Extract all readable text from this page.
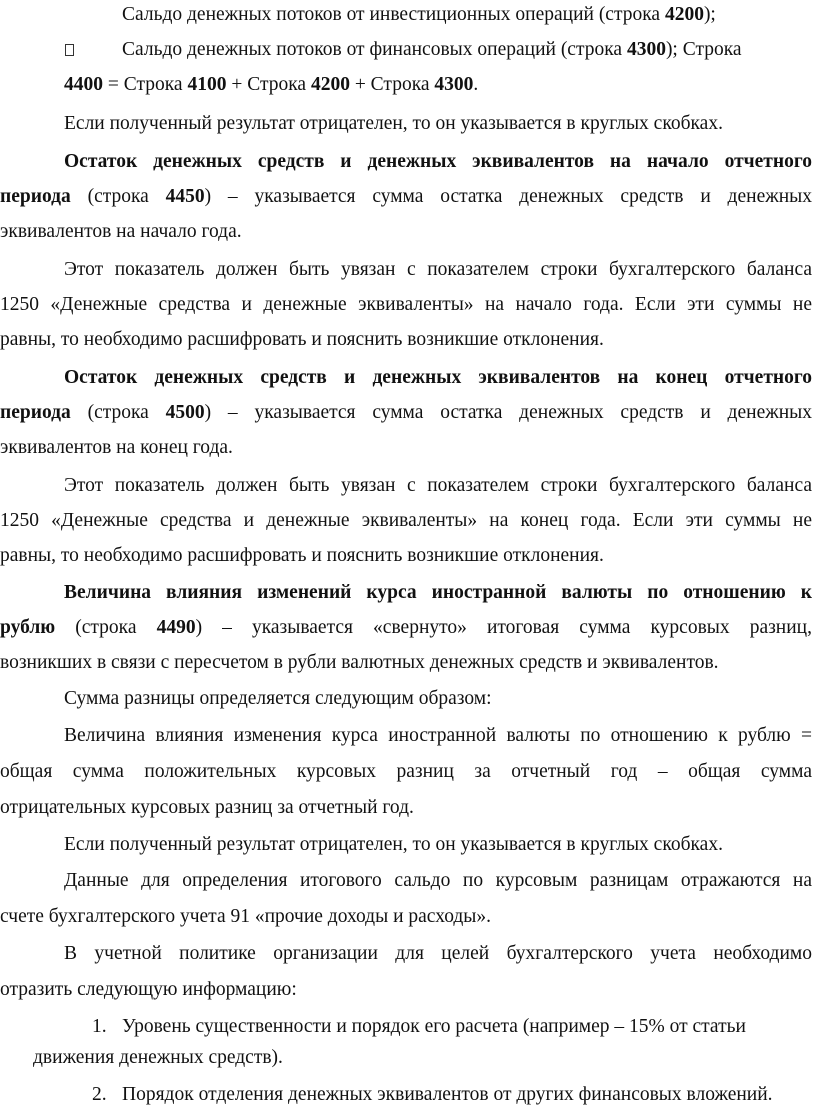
Сальдо денежных потоков от инвестиционных операций (строка 4200);
Сальдо денежных потоков от финансовых операций (строка 4300); Строка
4400 = Строка 4100 + Строка 4200 + Строка 4300.
Если полученный результат отрицателен, то он указывается в круглых скобках.
Остаток денежных средств и денежных эквивалентов на начало отчетного
периода (строка 4450) – указывается сумма остатка денежных средств и денежных
эквивалентов на начало года.
Этот показатель должен быть увязан с показателем строки бухгалтерского баланса
1250 «Денежные средства и денежные эквиваленты» на начало года. Если эти суммы не
равны, то необходимо расшифровать и пояснить возникшие отклонения.
Остаток денежных средств и денежных эквивалентов на конец отчетного
периода (строка 4500) – указывается сумма остатка денежных средств и денежных
эквивалентов на конец года.
Этот показатель должен быть увязан с показателем строки бухгалтерского баланса
1250 «Денежные средства и денежные эквиваленты» на конец года. Если эти суммы не
равны, то необходимо расшифровать и пояснить возникшие отклонения.
Величина влияния изменений курса иностранной валюты по отношению к
рублю (строка 4490) – указывается «свернуто» итоговая сумма курсовых разниц,
возникших в связи с пересчетом в рубли валютных денежных средств и эквивалентов.
Сумма разницы определяется следующим образом:
Величина влияния изменения курса иностранной валюты по отношению к рублю =
общая сумма положительных курсовых разниц за отчетный год – общая сумма
отрицательных курсовых разниц за отчетный год.
Если полученный результат отрицателен, то он указывается в круглых скобках.
Данные для определения итогового сальдо по курсовым разницам отражаются на
счете бухгалтерского учета 91 «прочие доходы и расходы».
В учетной политике организации для целей бухгалтерского учета необходимо
отразить следующую информацию:
1. Уровень существенности и порядок его расчета (например – 15% от статьи
движения денежных средств).
2. Порядок отделения денежных эквивалентов от других финансовых вложений.
